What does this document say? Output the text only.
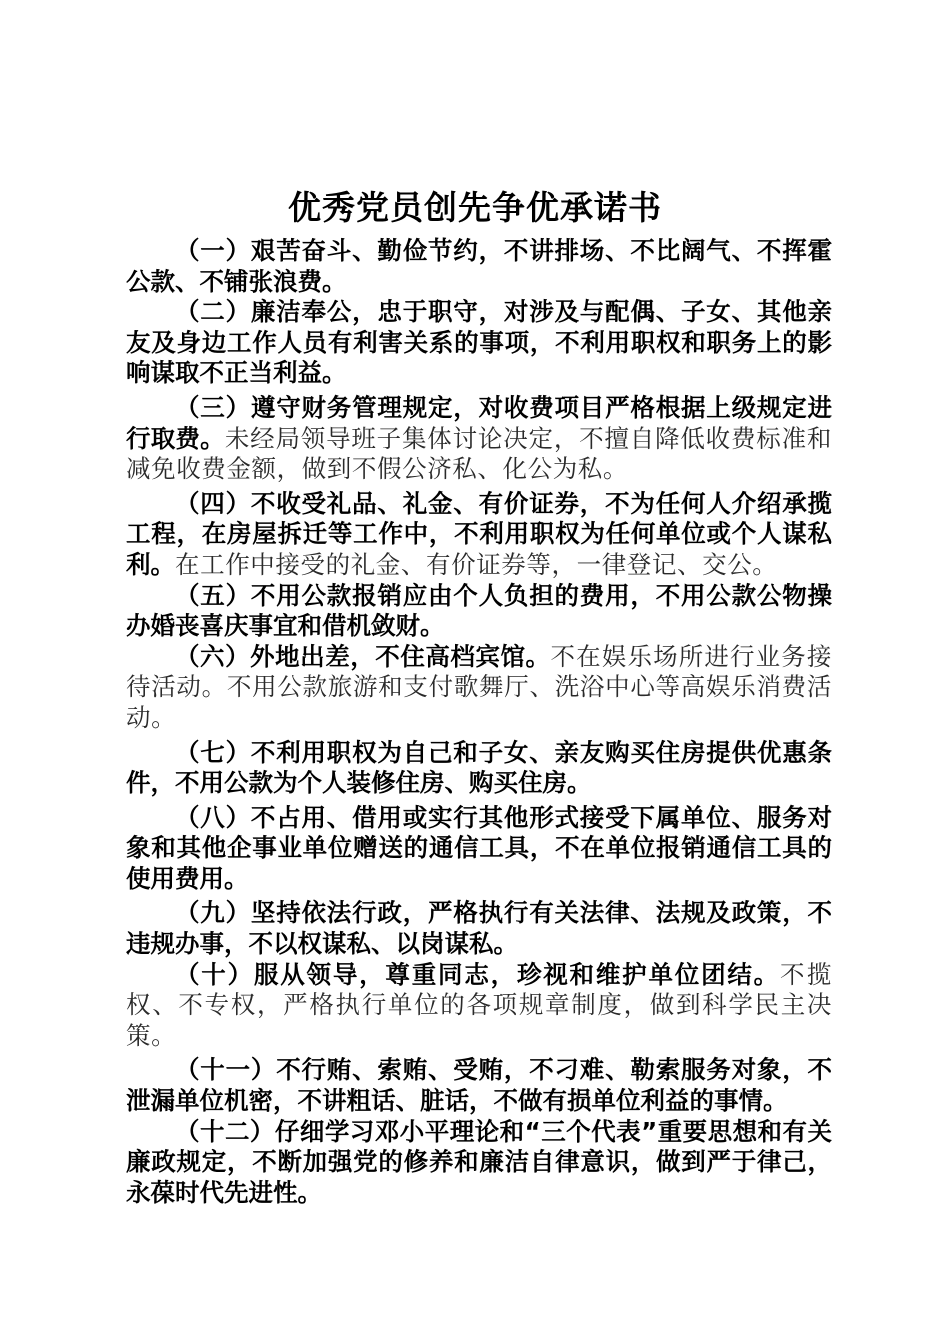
优秀党员创先争优承诺书

（一）艰苦奋斗、勤俭节约，不讲排场、不比阔气、不挥霍公款、不铺张浪费。

（二）廉洁奉公，忠于职守，对涉及与配偶、子女、其他亲友及身边工作人员有利害关系的事项，不利用职权和职务上的影响谋取不正当利益。

（三）遵守财务管理规定，对收费项目严格根据上级规定进行取费。未经局领导班子集体讨论决定，不擅自降低收费标准和减免收费金额，做到不假公济私、化公为私。

（四）不收受礼品、礼金、有价证券，不为任何人介绍承揽工程，在房屋拆迁等工作中，不利用职权为任何单位或个人谋私利。在工作中接受的礼金、有价证券等，一律登记、交公。

（五）不用公款报销应由个人负担的费用，不用公款公物操办婚丧喜庆事宜和借机敛财。

（六）外地出差，不住高档宾馆。不在娱乐场所进行业务接待活动。不用公款旅游和支付歌舞厅、洗浴中心等高娱乐消费活动。

（七）不利用职权为自己和子女、亲友购买住房提供优惠条件，不用公款为个人装修住房、购买住房。

（八）不占用、借用或实行其他形式接受下属单位、服务对象和其他企事业单位赠送的通信工具，不在单位报销通信工具的使用费用。

（九）坚持依法行政，严格执行有关法律、法规及政策，不违规办事，不以权谋私、以岗谋私。

（十）服从领导，尊重同志，珍视和维护单位团结。不揽权、不专权，严格执行单位的各项规章制度，做到科学民主决策。

（十一）不行贿、索贿、受贿，不刁难、勒索服务对象，不泄漏单位机密，不讲粗话、脏话，不做有损单位利益的事情。

（十二）仔细学习邓小平理论和“三个代表”重要思想和有关廉政规定，不断加强党的修养和廉洁自律意识，做到严于律己，永葆时代先进性。
